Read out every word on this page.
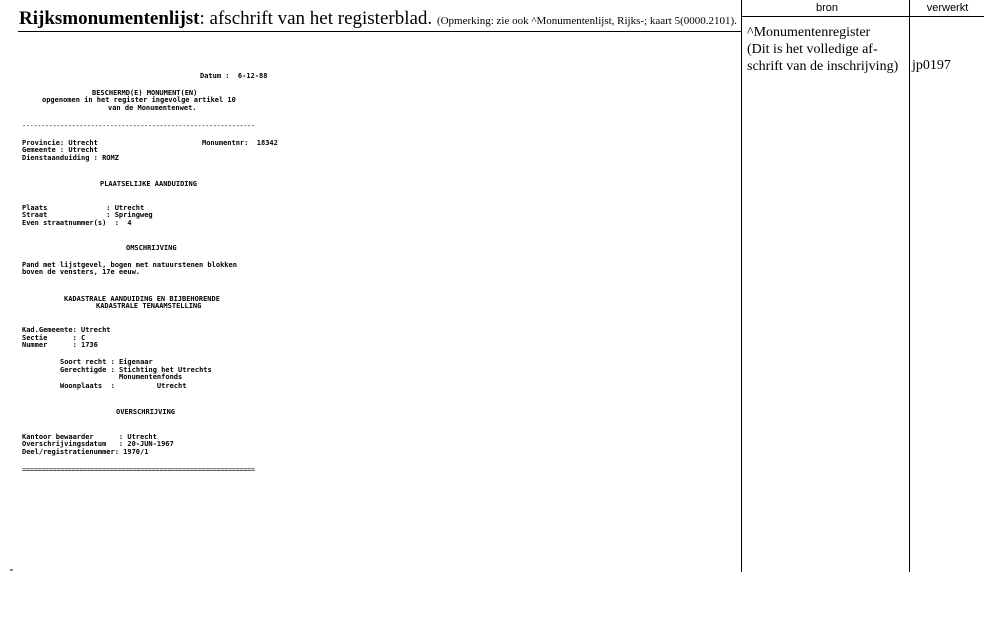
Rijksmonumentenlijst: afschrift van het registerblad. (Opmerking: zie ook ^Monumentenlijst, Rijks-; kaart 5(0000.2101).
bron	verwerkt
^Monumentenregister
(Dit is het volledige af-
schrift van de inschrijving) jp0197
Datum :  6-12-88
BESCHERMD(E) MONUMENT(EN)
opgenomen in het register ingevolge artikel 10
van de Monumentenwet.
-------------------------------------------------------------
Provincie: Utrecht	Monumentnr:  18342
Gemeente : Utrecht
Dienstaanduiding : ROMZ
PLAATSELIJKE AANDUIDING
Plaats              : Utrecht
Straat              : Springweg
Even straatnummer(s)  :  4
OMSCHRIJVING
Pand met lijstgevel, bogen met natuurstenen blokken
boven de vensters, 17e eeuw.
KADASTRALE AANDUIDING EN BIJBEHORENDE
KADASTRALE TENAAMSTELLING
Kad.Gemeente: Utrecht
Sectie      : C
Nummer      : 1736
Soort recht : Eigenaar
Gerechtigde : Stichting het Utrechts
Monumentenfonds
Woonplaats  :          Utrecht
OVERSCHRIJVING
Kantoor bewaarder      : Utrecht
Overschrijvingsdatum   : 20-JUN-1967
Deel/registratienummer: 1970/1
=============================================================
-
